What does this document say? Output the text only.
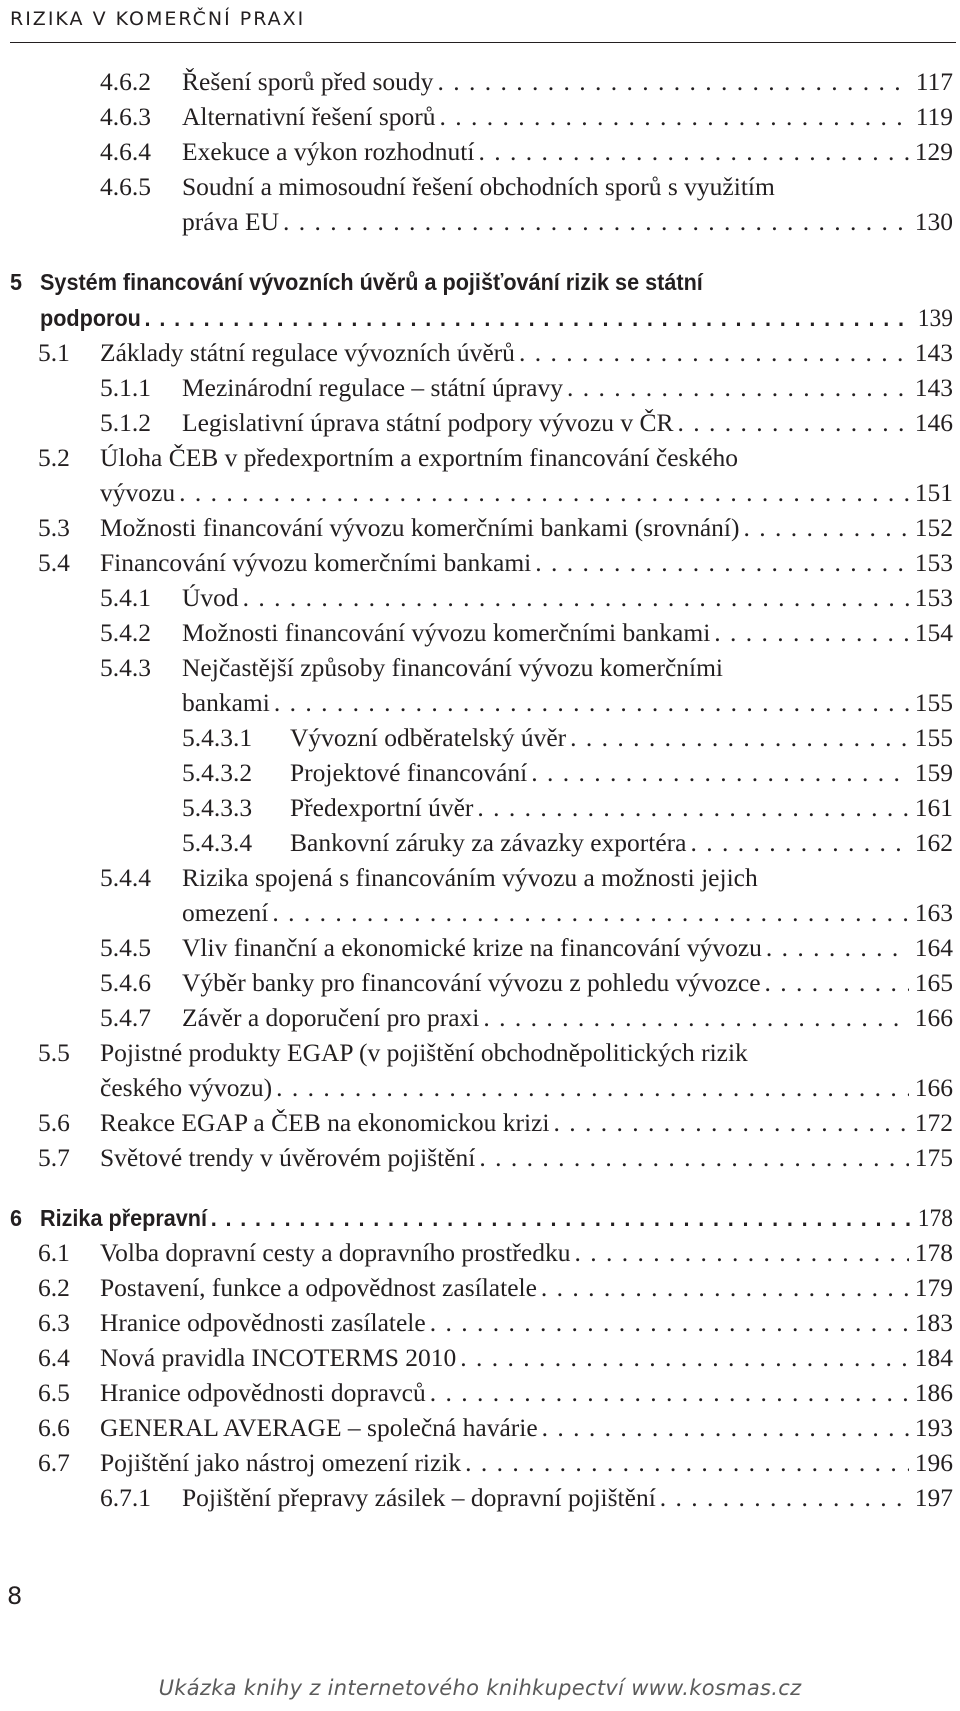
RIZIKA V KOMERČNÍ PRAXI
4.6.2 Řešení sporů před soudy . . .	117
4.6.3 Alternativní řešení sporů . . .	119
4.6.4 Exekuce a výkon rozhodnutí . . .	129
4.6.5 Soudní a mimosoudní řešení obchodních sporů s využitím
práva EU . . .	130
5 Systém financování vývozních úvěrů a pojišťování rizik se státní
podporou . . .	139
5.1 Základy státní regulace vývozních úvěrů . . .	143
5.1.1 Mezinárodní regulace – státní úpravy . . .	143
5.1.2 Legislativní úprava státní podpory vývozu v ČR . . .	146
5.2 Úloha ČEB v předexportním a exportním financování českého
vývozu . . .	151
5.3 Možnosti financování vývozu komerčními bankami (srovnání) . . .	152
5.4 Financování vývozu komerčními bankami . . .	153
5.4.1 Úvod . . .	153
5.4.2 Možnosti financování vývozu komerčními bankami . . .	154
5.4.3 Nejčastější způsoby financování vývozu komerčními
bankami . . .	155
5.4.3.1 Vývozní odběratelský úvěr . . .	155
5.4.3.2 Projektové financování . . .	159
5.4.3.3 Předexportní úvěr . . .	161
5.4.3.4 Bankovní záruky za závazky exportéra . . .	162
5.4.4 Rizika spojená s financováním vývozu a možnosti jejich
omezení . . .	163
5.4.5 Vliv finanční a ekonomické krize na financování vývozu . . .	164
5.4.6 Výběr banky pro financování vývozu z pohledu vývozce . . .	165
5.4.7 Závěr a doporučení pro praxi . . .	166
5.5 Pojistné produkty EGAP (v pojištění obchodněpolitických rizik
českého vývozu) . . .	166
5.6 Reakce EGAP a ČEB na ekonomickou krizi . . .	172
5.7 Světové trendy v úvěrovém pojištění . . .	175
6 Rizika přepravní . . .	178
6.1 Volba dopravní cesty a dopravního prostředku . . .	178
6.2 Postavení, funkce a odpovědnost zasílatele . . .	179
6.3 Hranice odpovědnosti zasílatele . . .	183
6.4 Nová pravidla INCOTERMS 2010 . . .	184
6.5 Hranice odpovědnosti dopravců . . .	186
6.6 GENERAL AVERAGE – společná havárie . . .	193
6.7 Pojištění jako nástroj omezení rizik . . .	196
6.7.1 Pojištění přepravy zásilek – dopravní pojištění . . .	197
8
Ukázka knihy z internetového knihkupectví www.kosmas.cz
